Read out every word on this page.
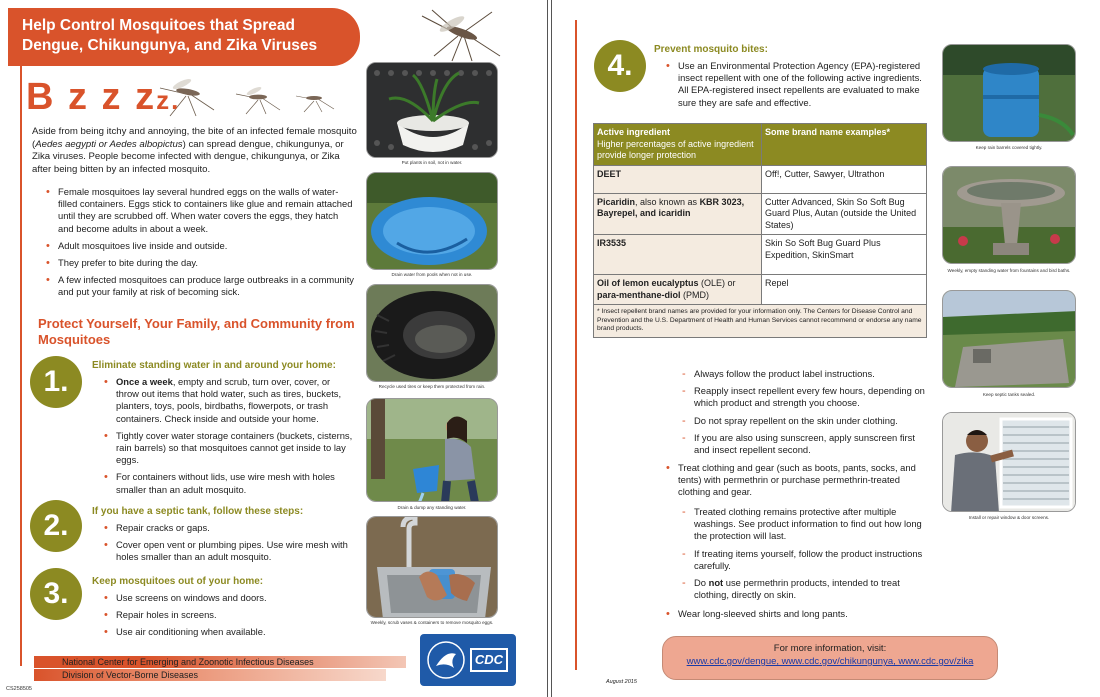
Help Control Mosquitoes that Spread
Dengue, Chikungunya, and Zika Viruses
B z z zz.
Aside from being itchy and annoying, the bite of an infected female mosquito (Aedes aegypti or Aedes albopictus) can spread dengue, chikungunya, or Zika viruses. People become infected with dengue, chikungunya, or Zika after being bitten by an infected mosquito.
• Female mosquitoes lay several hundred eggs on the walls of water-filled containers. Eggs stick to containers like glue and remain attached until they are scrubbed off. When water covers the eggs, they hatch and become adults in about a week.
• Adult mosquitoes live inside and outside.
• They prefer to bite during the day.
• A few infected mosquitoes can produce large outbreaks in a community and put your family at risk of becoming sick.
Protect Yourself, Your Family, and Community from Mosquitoes
1.	Eliminate standing water in and around your home:
• Once a week, empty and scrub, turn over, cover, or throw out items that hold water, such as tires, buckets, planters, toys, pools, birdbaths, flowerpots, or trash containers. Check inside and outside your home.
• Tightly cover water storage containers (buckets, cisterns, rain barrels) so that mosquitoes cannot get inside to lay eggs.
• For containers without lids, use wire mesh with holes smaller than an adult mosquito.
2.	If you have a septic tank, follow these steps:
• Repair cracks or gaps.
• Cover open vent or plumbing pipes. Use wire mesh with holes smaller than an adult mosquito.
3.	Keep mosquitoes out of your home:
• Use screens on windows and doors.
• Repair holes in screens.
• Use air conditioning when available.
Put plants in soil, not in water.
Drain water from pools when not in use.
Recycle used tires or keep them protected from rain.
Drain & dump any standing water.
Weekly, scrub vases & containers to remove mosquito eggs.
National Center for Emerging and Zoonotic Infectious Diseases
Division of Vector-Borne Diseases
CDC
CS258505
4.	Prevent mosquito bites:
• Use an Environmental Protection Agency (EPA)-registered insect repellent with one of the following active ingredients. All EPA-registered insect repellents are evaluated to make sure they are safe and effective.
Active ingredient
Higher percentages of active ingredient provide longer protection	Some brand name examples*
DEET	Off!, Cutter, Sawyer, Ultrathon
Picaridin, also known as KBR 3023, Bayrepel, and icaridin	Cutter Advanced, Skin So Soft Bug Guard Plus, Autan (outside the United States)
IR3535	Skin So Soft Bug Guard Plus Expedition, SkinSmart
Oil of lemon eucalyptus (OLE) or para-menthane-diol (PMD)	Repel
* Insect repellent brand names are provided for your information only. The Centers for Disease Control and Prevention and the U.S. Department of Health and Human Services cannot recommend or endorse any name brand products.	
- Always follow the product label instructions.
- Reapply insect repellent every few hours, depending on which product and strength you choose.
- Do not spray repellent on the skin under clothing.
- If you are also using sunscreen, apply sunscreen first and insect repellent second.
• Treat clothing and gear (such as boots, pants, socks, and tents) with permethrin or purchase permethrin-treated clothing and gear.
- Treated clothing remains protective after multiple washings. See product information to find out how long the protection will last.
- If treating items yourself, follow the product instructions carefully.
- Do not use permethrin products, intended to treat clothing, directly on skin.
• Wear long-sleeved shirts and long pants.
Keep rain barrels covered tightly.
Weekly, empty standing water from fountains and bird baths.
Keep septic tanks sealed.
Install or repair window & door screens.
For more information, visit:
www.cdc.gov/dengue, www.cdc.gov/chikungunya, www.cdc.gov/zika
August 2015
